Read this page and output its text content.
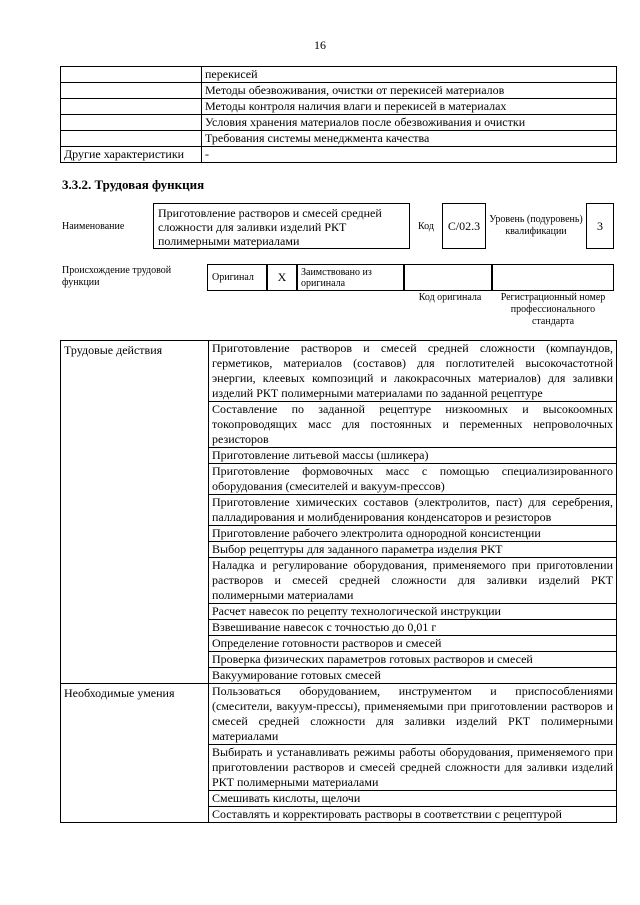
16
	перекисей
	Методы обезвоживания, очистки от перекисей материалов
	Методы контроля наличия влаги и перекисей в материалах
	Условия хранения материалов после обезвоживания и очистки
	Требования системы менеджмента качества
Другие характеристики	-
3.3.2. Трудовая функция
Наименование
Приготовление растворов и смесей средней сложности для заливки изделий РКТ полимерными материалами
Код	С/02.3 Уровень (подуровень) квалификации	3
Происхождение трудовой функции	Оригинал	X	Заимствовано из оригинала
Код оригинала	Регистрационный номер профессионального стандарта
Трудовые действия	Приготовление растворов и смесей средней сложности (компаундов, герметиков, материалов (составов) для поглотителей высокочастотной энергии, клеевых композиций и лакокрасочных материалов) для заливки изделий РКТ полимерными материалами по заданной рецептуре
	Составление по заданной рецептуре низкоомных и высокоомных токопроводящих масс для постоянных и переменных непроволочных резисторов
	Приготовление литьевой массы (шликера)
	Приготовление формовочных масс с помощью специализированного оборудования (смесителей и вакуум-прессов)
	Приготовление химических составов (электролитов, паст) для серебрения, палладирования и молибденирования конденсаторов и резисторов
	Приготовление рабочего электролита однородной консистенции
	Выбор рецептуры для заданного параметра изделия РКТ
	Наладка и регулирование оборудования, применяемого при приготовлении растворов и смесей средней сложности для заливки изделий РКТ полимерными материалами
	Расчет навесок по рецепту технологической инструкции
	Взвешивание навесок с точностью до 0,01 г
	Определение готовности растворов и смесей
	Проверка физических параметров готовых растворов и смесей
	Вакуумирование готовых смесей
Необходимые умения	Пользоваться оборудованием, инструментом и приспособлениями (смесители, вакуум-прессы), применяемыми при приготовлении растворов и смесей средней сложности для заливки изделий РКТ полимерными материалами
	Выбирать и устанавливать режимы работы оборудования, применяемого при приготовлении растворов и смесей средней сложности для заливки изделий РКТ полимерными материалами
	Смешивать кислоты, щелочи
	Составлять и корректировать растворы в соответствии с рецептурой
